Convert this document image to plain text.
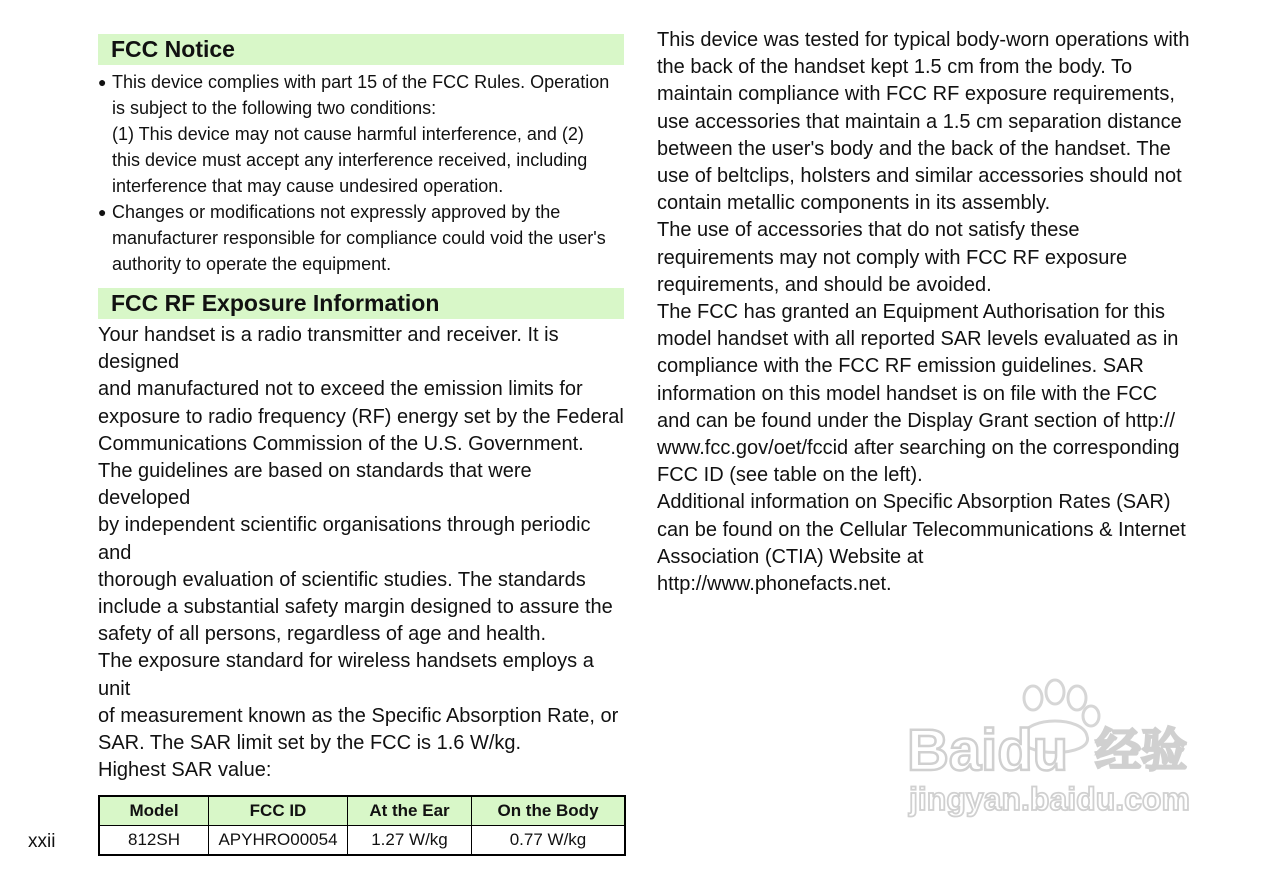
FCC Notice
● This device complies with part 15 of the FCC Rules. Operation

is subject to the following two conditions:

(1) This device may not cause harmful interference, and (2)

this device must accept any interference received, including

interference that may cause undesired operation.

● Changes or modifications not expressly approved by the

manufacturer responsible for compliance could void the user's

authority to operate the equipment.

FCC RF Exposure Information

Your handset is a radio transmitter and receiver. It is designed

and manufactured not to exceed the emission limits for

exposure to radio frequency (RF) energy set by the Federal

Communications Commission of the U.S. Government.

The guidelines are based on standards that were developed

by independent scientific organisations through periodic and

thorough evaluation of scientific studies. The standards

include a substantial safety margin designed to assure the

safety of all persons, regardless of age and health.

The exposure standard for wireless handsets employs a unit

of measurement known as the Specific Absorption Rate, or

SAR. The SAR limit set by the FCC is 1.6 W/kg.

Highest SAR value:

Model	FCC ID	At the Ear	On the Body
812SH	APYHRO00054	1.27 W/kg	0.77 W/kg

This device was tested for typical body-worn operations with

the back of the handset kept 1.5 cm from the body. To

maintain compliance with FCC RF exposure requirements,

use accessories that maintain a 1.5 cm separation distance

between the user's body and the back of the handset. The

use of beltclips, holsters and similar accessories should not

contain metallic components in its assembly.

The use of accessories that do not satisfy these

requirements may not comply with FCC RF exposure

requirements, and should be avoided.

The FCC has granted an Equipment Authorisation for this

model handset with all reported SAR levels evaluated as in

compliance with the FCC RF emission guidelines. SAR

information on this model handset is on file with the FCC

and can be found under the Display Grant section of http://

www.fcc.gov/oet/fccid after searching on the corresponding

FCC ID (see table on the left).

Additional information on Specific Absorption Rates (SAR)

can be found on the Cellular Telecommunications & Internet

Association (CTIA) Website at

http://www.phonefacts.net.

xxii
Baidu 经验
jingyan.baidu.com
